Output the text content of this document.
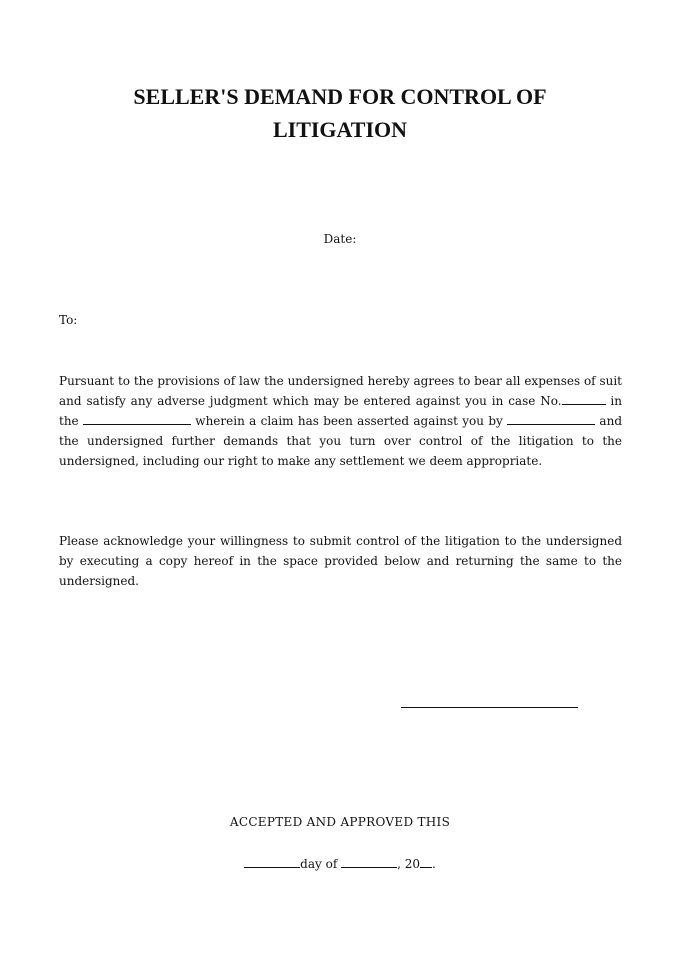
SELLER'S DEMAND FOR CONTROL OF
LITIGATION
Date:
To:
Pursuant to the provisions of law the undersigned hereby agrees to bear all expenses of suit and satisfy any adverse judgment which may be entered against you in case No.	in the	wherein a claim has been asserted against you by	and the undersigned further demands that you turn over control of the litigation to the undersigned, including our right to make any settlement we deem appropriate.
Please acknowledge your willingness to submit control of the litigation to the undersigned by executing a copy hereof in the space provided below and returning the same to the undersigned.
ACCEPTED AND APPROVED THIS
day of	, 20 .
